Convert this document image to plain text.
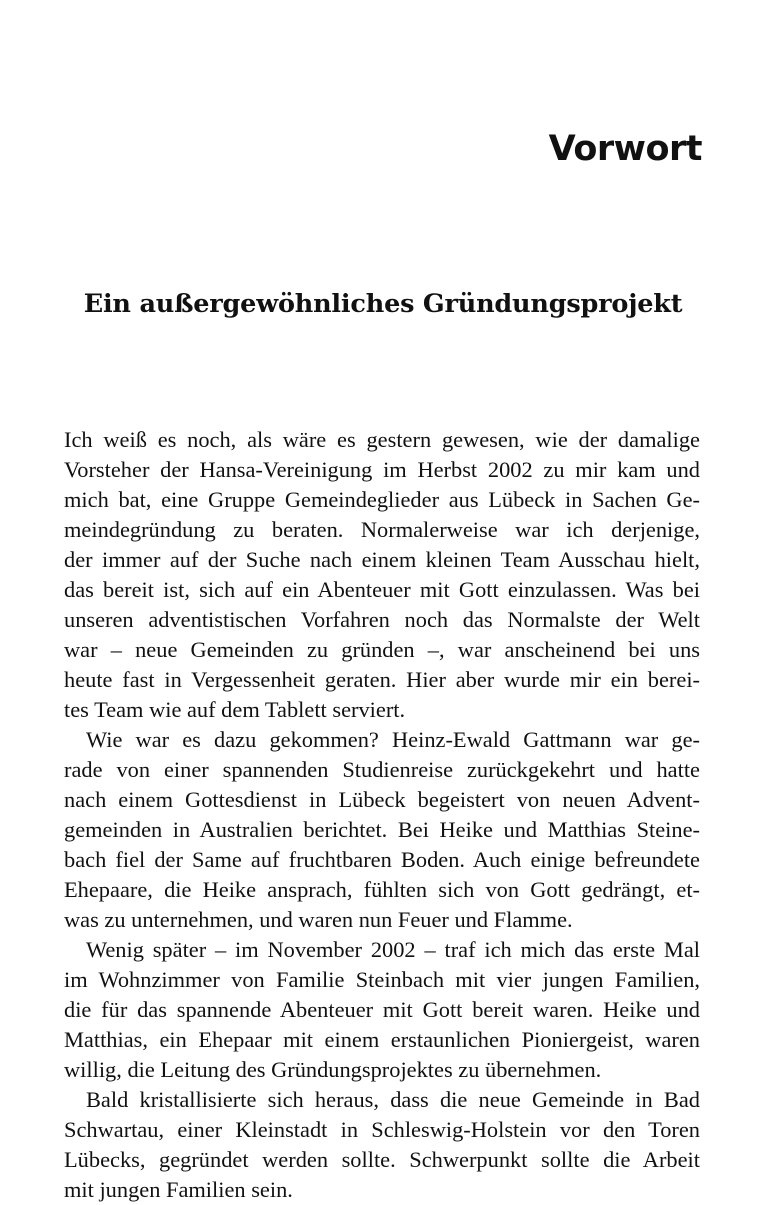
Vorwort
Ein außergewöhnliches Gründungsprojekt

Ich weiß es noch, als wäre es gestern gewesen, wie der damalige
Vorsteher der Hansa-Vereinigung im Herbst 2002 zu mir kam und
mich bat, eine Gruppe Gemeindeglieder aus Lübeck in Sachen Ge-
meindegründung zu beraten. Normalerweise war ich derjenige,
der immer auf der Suche nach einem kleinen Team Ausschau hielt,
das bereit ist, sich auf ein Abenteuer mit Gott einzulassen. Was bei
unseren adventistischen Vorfahren noch das Normalste der Welt
war – neue Gemeinden zu gründen –, war anscheinend bei uns
heute fast in Vergessenheit geraten. Hier aber wurde mir ein berei-
tes Team wie auf dem Tablett serviert.

Wie war es dazu gekommen? Heinz-Ewald Gattmann war ge-
rade von einer spannenden Studienreise zurückgekehrt und hatte
nach einem Gottesdienst in Lübeck begeistert von neuen Advent-
gemeinden in Australien berichtet. Bei Heike und Matthias Steine-
bach fiel der Same auf fruchtbaren Boden. Auch einige befreundete
Ehepaare, die Heike ansprach, fühlten sich von Gott gedrängt, et-
was zu unternehmen, und waren nun Feuer und Flamme.

Wenig später – im November 2002 – traf ich mich das erste Mal
im Wohnzimmer von Familie Steinbach mit vier jungen Familien,
die für das spannende Abenteuer mit Gott bereit waren. Heike und
Matthias, ein Ehepaar mit einem erstaunlichen Pioniergeist, waren
willig, die Leitung des Gründungsprojektes zu übernehmen.

Bald kristallisierte sich heraus, dass die neue Gemeinde in Bad
Schwartau, einer Kleinstadt in Schleswig-Holstein vor den Toren
Lübecks, gegründet werden sollte. Schwerpunkt sollte die Arbeit
mit jungen Familien sein.
